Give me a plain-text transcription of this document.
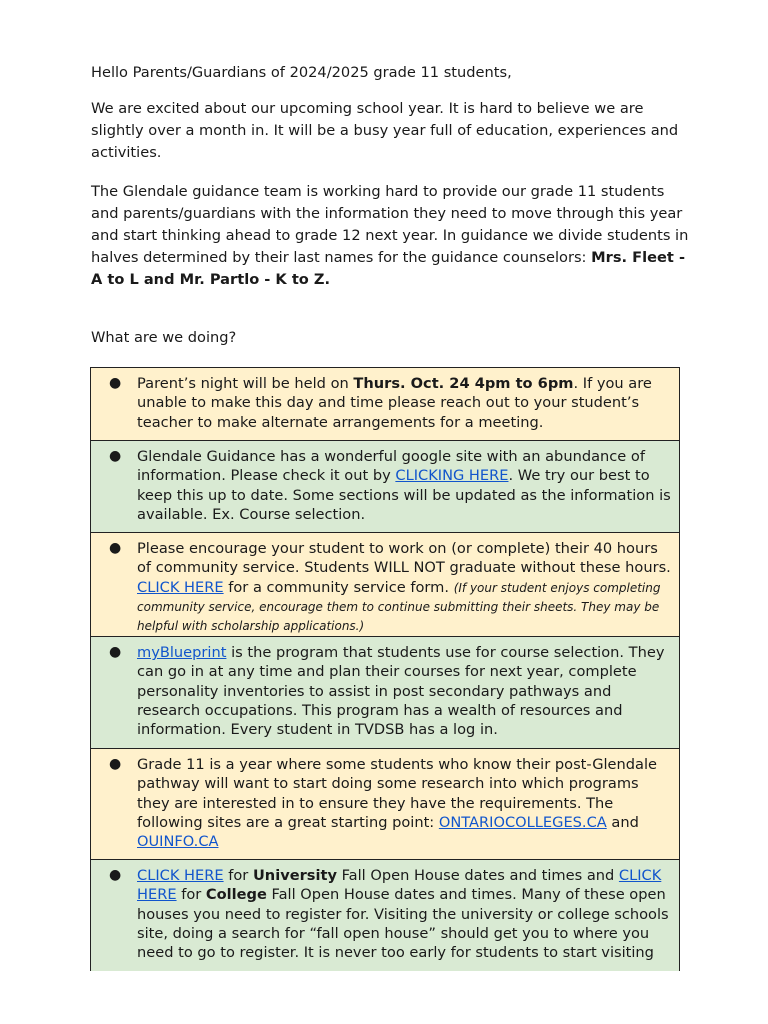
Hello Parents/Guardians of 2024/2025 grade 11 students,

We are excited about our upcoming school year. It is hard to believe we are slightly over a month in. It will be a busy year full of education, experiences and activities.

The Glendale guidance team is working hard to provide our grade 11 students and parents/guardians with the information they need to move through this year and start thinking ahead to grade 12 next year. In guidance we divide students in halves determined by their last names for the guidance counselors: Mrs. Fleet - A to L and Mr. Partlo - K to Z.

What are we doing?

● Parent’s night will be held on Thurs. Oct. 24 4pm to 6pm. If you are unable to make this day and time please reach out to your student’s teacher to make alternate arrangements for a meeting.
● Glendale Guidance has a wonderful google site with an abundance of information. Please check it out by CLICKING HERE. We try our best to keep this up to date. Some sections will be updated as the information is available. Ex. Course selection.
● Please encourage your student to work on (or complete) their 40 hours of community service. Students WILL NOT graduate without these hours. CLICK HERE for a community service form. (If your student enjoys completing community service, encourage them to continue submitting their sheets. They may be helpful with scholarship applications.)
● myBlueprint is the program that students use for course selection. They can go in at any time and plan their courses for next year, complete personality inventories to assist in post secondary pathways and research occupations. This program has a wealth of resources and information. Every student in TVDSB has a log in.
● Grade 11 is a year where some students who know their post-Glendale pathway will want to start doing some research into which programs they are interested in to ensure they have the requirements. The following sites are a great starting point: ONTARIOCOLLEGES.CA and OUINFO.CA
● CLICK HERE for University Fall Open House dates and times and CLICK HERE for College Fall Open House dates and times. Many of these open houses you need to register for. Visiting the university or college schools site, doing a search for “fall open house” should get you to where you need to go to register. It is never too early for students to start visiting
